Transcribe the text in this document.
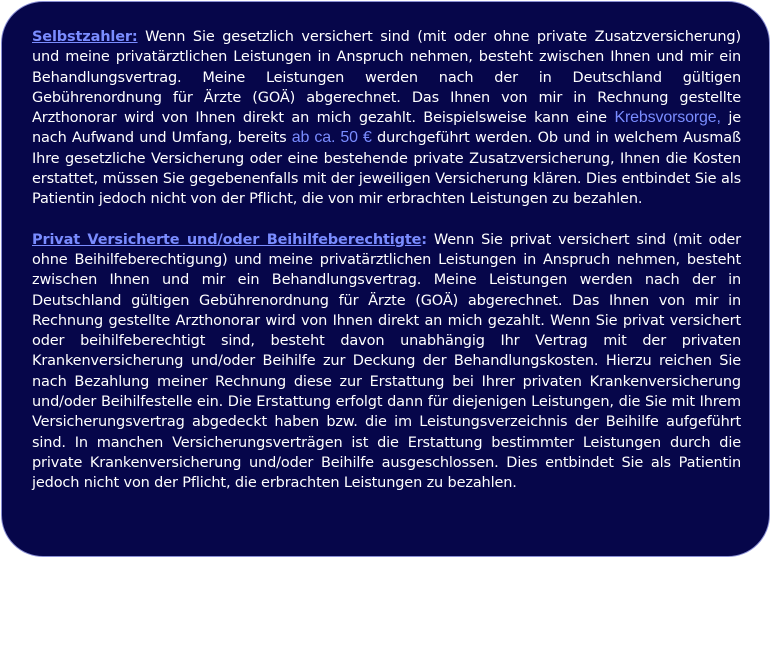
Selbstzahler: Wenn Sie gesetzlich versichert sind (mit oder ohne private Zusatzversicherung) und meine privatärztlichen Leistungen in Anspruch nehmen, besteht zwischen Ihnen und mir ein Behandlungsvertrag. Meine Leistungen werden nach der in Deutschland gültigen Gebührenordnung für Ärzte (GOÄ) abgerechnet. Das Ihnen von mir in Rechnung gestellte Arzthonorar wird von Ihnen direkt an mich gezahlt. Beispielsweise kann eine Krebsvorsorge, je nach Aufwand und Umfang, bereits ab ca. 50 € durchgeführt werden. Ob und in welchem Ausmaß Ihre gesetzliche Versicherung oder eine bestehende private Zusatzversicherung, Ihnen die Kosten erstattet, müssen Sie gegebenenfalls mit der jeweiligen Versicherung klären. Dies entbindet Sie als Patientin jedoch nicht von der Pflicht, die von mir erbrachten Leistungen zu bezahlen.

Privat Versicherte und/oder Beihilfeberechtigte: Wenn Sie privat versichert sind (mit oder ohne Beihilfeberechtigung) und meine privatärztlichen Leistungen in Anspruch nehmen, besteht zwischen Ihnen und mir ein Behandlungsvertrag. Meine Leistungen werden nach der in Deutschland gültigen Gebührenordnung für Ärzte (GOÄ) abgerechnet. Das Ihnen von mir in Rechnung gestellte Arzthonorar wird von Ihnen direkt an mich gezahlt. Wenn Sie privat versichert oder beihilfeberechtigt sind, besteht davon unabhängig Ihr Vertrag mit der privaten Krankenversicherung und/oder Beihilfe zur Deckung der Behandlungskosten. Hierzu reichen Sie nach Bezahlung meiner Rechnung diese zur Erstattung bei Ihrer privaten Krankenversicherung und/oder Beihilfestelle ein. Die Erstattung erfolgt dann für diejenigen Leistungen, die Sie mit Ihrem Versicherungsvertrag abgedeckt haben bzw. die im Leistungsverzeichnis der Beihilfe aufgeführt sind. In manchen Versicherungsverträgen ist die Erstattung bestimmter Leistungen durch die private Krankenversicherung und/oder Beihilfe ausgeschlossen. Dies entbindet Sie als Patientin jedoch nicht von der Pflicht, die erbrachten Leistungen zu bezahlen.
